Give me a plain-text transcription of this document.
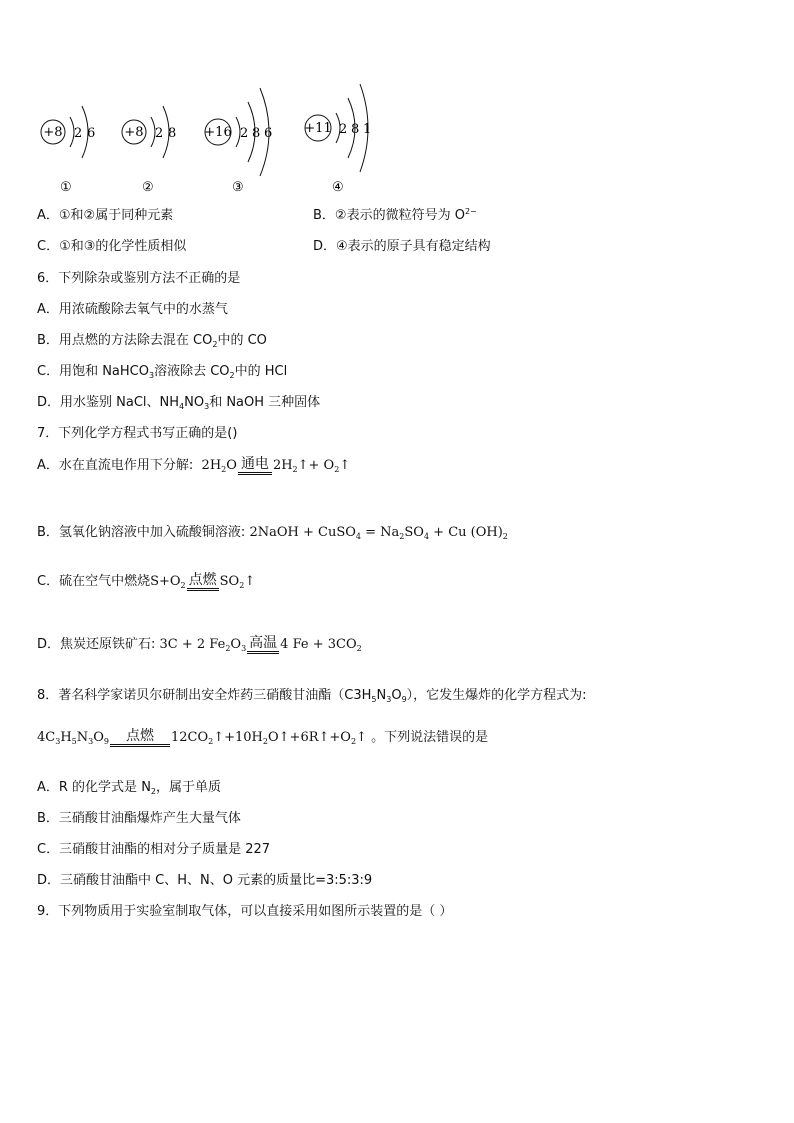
+8 2 6
①
+8 2 8
②
+16 2 8 6
③
+11 2 8 1
④
A．①和②属于同种元素	B．②表示的微粒符号为 $O^{2-}$
C．①和③的化学性质相似	D．④表示的原子具有稳定结构
6．下列除杂或鉴别方法不正确的是
A．用浓硫酸除去氧气中的水蒸气
B．用点燃的方法除去混在 $CO_2$中的 CO
C．用饱和 NaHCO$_3$溶液除去 $CO_2$中的 HCl
D．用水鉴别 NaCl、$NH_4NO_3$和 NaOH 三种固体
7．下列化学方程式书写正确的是()
A．水在直流电作用下分解:  $2H_2O$ 通电 $2H_2↑+$ $O_2↑$
B．氢氧化钠溶液中加入硫酸铜溶液: 2NaOH + CuSO$_4$ = $Na_2SO_4 + Cu$ $(OH)_2$
C．硫在空气中燃烧$S+O_2$ 点燃 $SO_2↑$
D．焦炭还原铁矿石: 3C + 2 $Fe_2O_3$ 高温 4 $Fe + 3CO_2$
8．著名科学家诺贝尔研制出安全炸药三硝酸甘油酯$(C3H_5N_3O_9)$，它发生爆炸的化学方程式为:
$4C_3H_5N_3O_9$	点燃	$12CO_2↑+10H_2O↑+6R↑+O_2↑$ 。下列说法错误的是
A．R 的化学式是 $N_2$，属于单质
B．三硝酸甘油酯爆炸产生大量气体
C．三硝酸甘油酯的相对分子质量是 227
D．三硝酸甘油酯中 C、H、N、O 元素的质量比=3:5:3:9
9．下列物质用于实验室制取气体，可以直接采用如图所示装置的是（ ）
